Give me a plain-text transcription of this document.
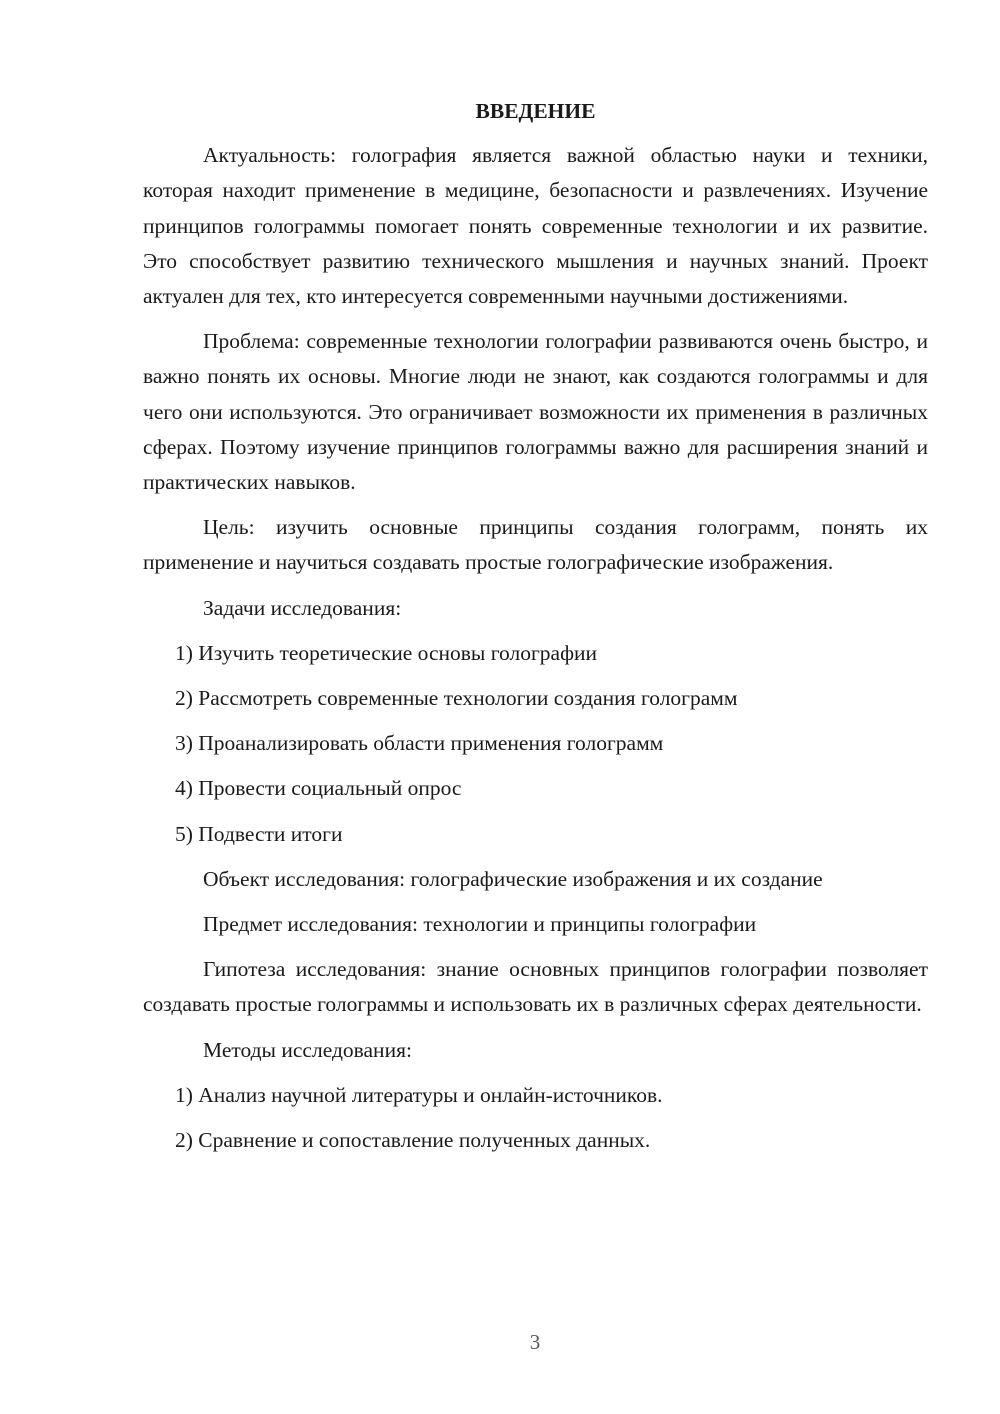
ВВЕДЕНИЕ

Актуальность: голография является важной областью науки и техники, которая находит применение в медицине, безопасности и развлечениях. Изучение принципов голограммы помогает понять современные технологии и их развитие. Это способствует развитию технического мышления и научных знаний. Проект актуален для тех, кто интересуется современными научными достижениями.

Проблема: современные технологии голографии развиваются очень быстро, и важно понять их основы. Многие люди не знают, как создаются голограммы и для чего они используются. Это ограничивает возможности их применения в различных сферах. Поэтому изучение принципов голограммы важно для расширения знаний и практических навыков.

Цель: изучить основные принципы создания голограмм, понять их применение и научиться создавать простые голографические изображения.

Задачи исследования:
1) Изучить теоретические основы голографии
2) Рассмотреть современные технологии создания голограмм
3) Проанализировать области применения голограмм
4) Провести социальный опрос
5) Подвести итоги
Объект исследования: голографические изображения и их создание
Предмет исследования: технологии и принципы голографии

Гипотеза исследования: знание основных принципов голографии позволяет создавать простые голограммы и использовать их в различных сферах деятельности.

Методы исследования:
1) Анализ научной литературы и онлайн-источников.
2) Сравнение и сопоставление полученных данных.
3
